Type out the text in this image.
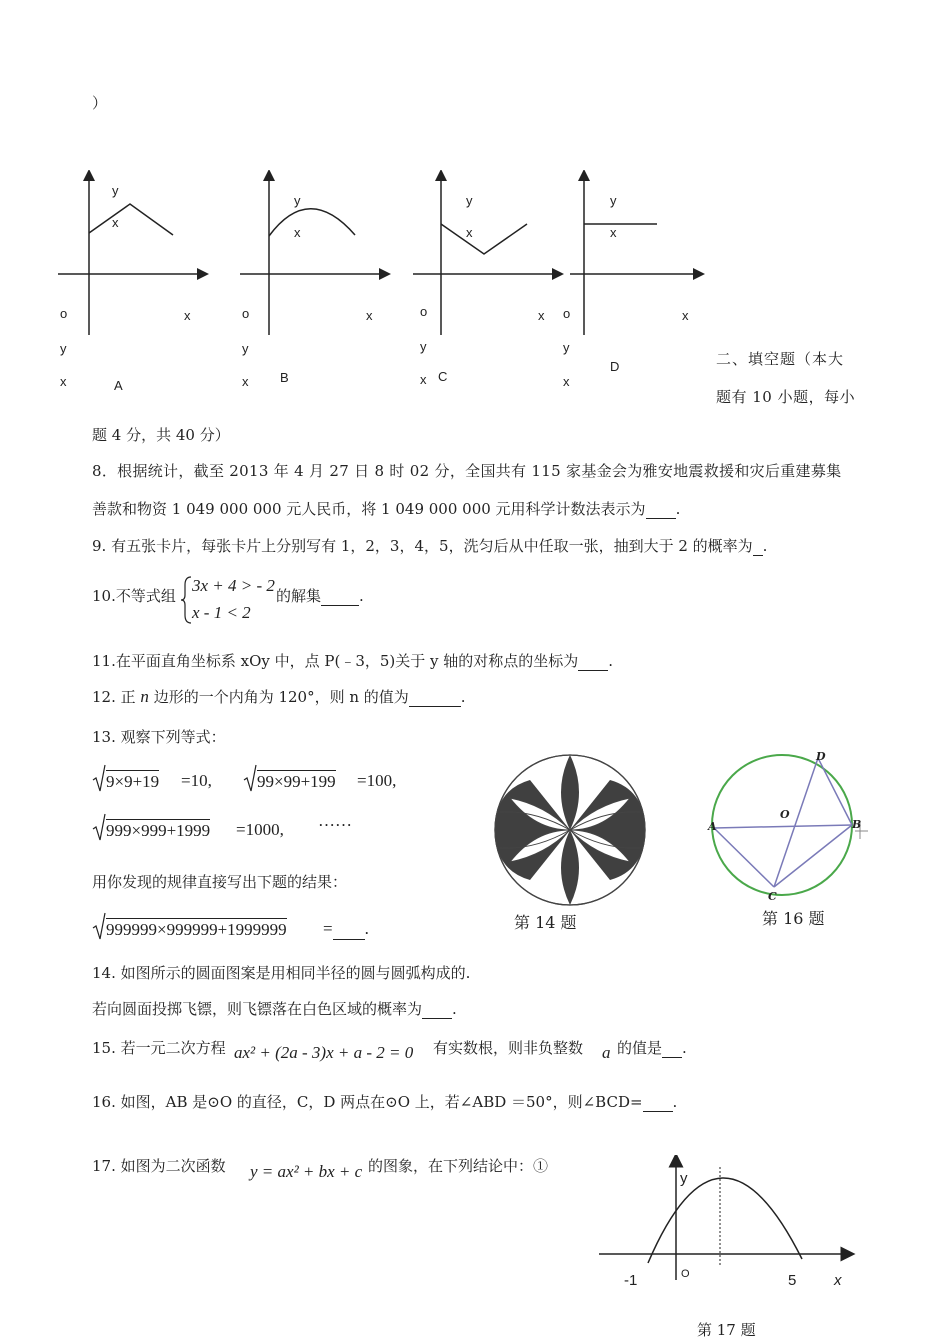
）
y
x
o	x
y
x	A
y
x
o	x
y
x B
y
x
o	x
y
x C
y
x
o	x
y
x
D	二、填空题（本大
题有 10 小题，每小
题 4 分，共 40 分）
8．根据统计，截至 2013 年 4 月 27 日 8 时 02 分，全国共有 115 家基金会为雅安地震救援和灾后重建募集
善款和物资 1 049 000 000 元人民币，将 1 049 000 000 元用科学计数法表示为 .
9. 有五张卡片，每张卡片上分别写有 1，2，3，4，5，洗匀后从中任取一张，抽到大于 2 的概率为 .
10.不等式组
3x + 4 > - 2
x - 1 < 2
的解集	.
11.在平面直角坐标系 xOy 中，点 P(﹣3，5)关于 y 轴的对称点的坐标为 .
12. 正 n 边形的一个内角为 120°，则 n 的值为	.
13. 观察下列等式：
9×9+19 =10,	99×99+199 =100,
999×999+1999 =1000, ……
用你发现的规律直接写出下题的结果：
999999×999999+1999999 = .	第 14 题
D
A
O
B
C
第 16 题
14. 如图所示的圆面图案是用相同半径的圆与圆弧构成的.
若向圆面投掷飞镖，则飞镖落在白色区域的概率为 .
15. 若一元二次方程 ax² + (2a - 3)x + a - 2 = 0 有实数根，则非负整数 a 的值是 .
16. 如图，AB 是⊙O 的直径，C，D 两点在⊙O 上，若∠ABD ＝50°，则∠BCD= .
17. 如图为二次函数 y = ax² + bx + c 的图象，在下列结论中：①
y
-1	O	5	x
第 17 题
